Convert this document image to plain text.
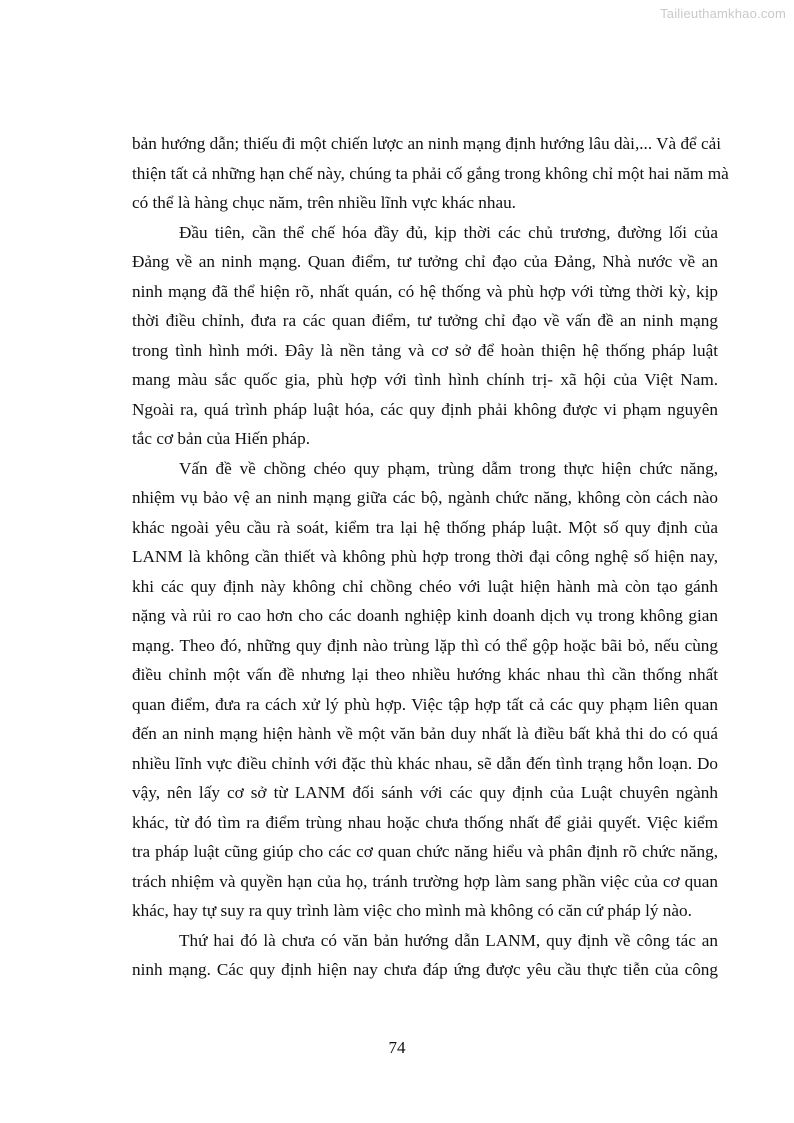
Tailieuthamkhao.com
bản hướng dẫn; thiếu đi một chiến lược an ninh mạng định hướng lâu dài,... Và để cải
thiện tất cả những hạn chế này, chúng ta phải cố gắng trong không chỉ một hai năm mà
có thể là hàng chục năm, trên nhiều lĩnh vực khác nhau.
Đầu tiên, cần thể chế hóa đầy đủ, kịp thời các chủ trương, đường lối của
Đảng về an ninh mạng. Quan điểm, tư tưởng chỉ đạo của Đảng, Nhà nước về an
ninh mạng đã thể hiện rõ, nhất quán, có hệ thống và phù hợp với từng thời kỳ, kịp
thời điều chỉnh, đưa ra các quan điểm, tư tưởng chỉ đạo về vấn đề an ninh mạng
trong tình hình mới. Đây là nền tảng và cơ sở để hoàn thiện hệ thống pháp luật
mang màu sắc quốc gia, phù hợp với tình hình chính trị- xã hội của Việt Nam.
Ngoài ra, quá trình pháp luật hóa, các quy định phải không được vi phạm nguyên
tắc cơ bản của Hiến pháp.
Vấn đề về chồng chéo quy phạm, trùng dẫm trong thực hiện chức năng,
nhiệm vụ bảo vệ an ninh mạng giữa các bộ, ngành chức năng, không còn cách nào
khác ngoài yêu cầu rà soát, kiểm tra lại hệ thống pháp luật. Một số quy định của
LANM là không cần thiết và không phù hợp trong thời đại công nghệ số hiện nay,
khi các quy định này không chỉ chồng chéo với luật hiện hành mà còn tạo gánh
nặng và rủi ro cao hơn cho các doanh nghiệp kinh doanh dịch vụ trong không gian
mạng. Theo đó, những quy định nào trùng lặp thì có thể gộp hoặc bãi bỏ, nếu cùng
điều chỉnh một vấn đề nhưng lại theo nhiều hướng khác nhau thì cần thống nhất
quan điểm, đưa ra cách xử lý phù hợp. Việc tập hợp tất cả các quy phạm liên quan
đến an ninh mạng hiện hành về một văn bản duy nhất là điều bất khả thi do có quá
nhiều lĩnh vực điều chỉnh với đặc thù khác nhau, sẽ dẫn đến tình trạng hỗn loạn. Do
vậy, nên lấy cơ sở từ LANM đối sánh với các quy định của Luật chuyên ngành
khác, từ đó tìm ra điểm trùng nhau hoặc chưa thống nhất để giải quyết. Việc kiểm
tra pháp luật cũng giúp cho các cơ quan chức năng hiểu và phân định rõ chức năng,
trách nhiệm và quyền hạn của họ, tránh trường hợp làm sang phần việc của cơ quan
khác, hay tự suy ra quy trình làm việc cho mình mà không có căn cứ pháp lý nào.
Thứ hai đó là chưa có văn bản hướng dẫn LANM, quy định về công tác an
ninh mạng. Các quy định hiện nay chưa đáp ứng được yêu cầu thực tiễn của công
74
